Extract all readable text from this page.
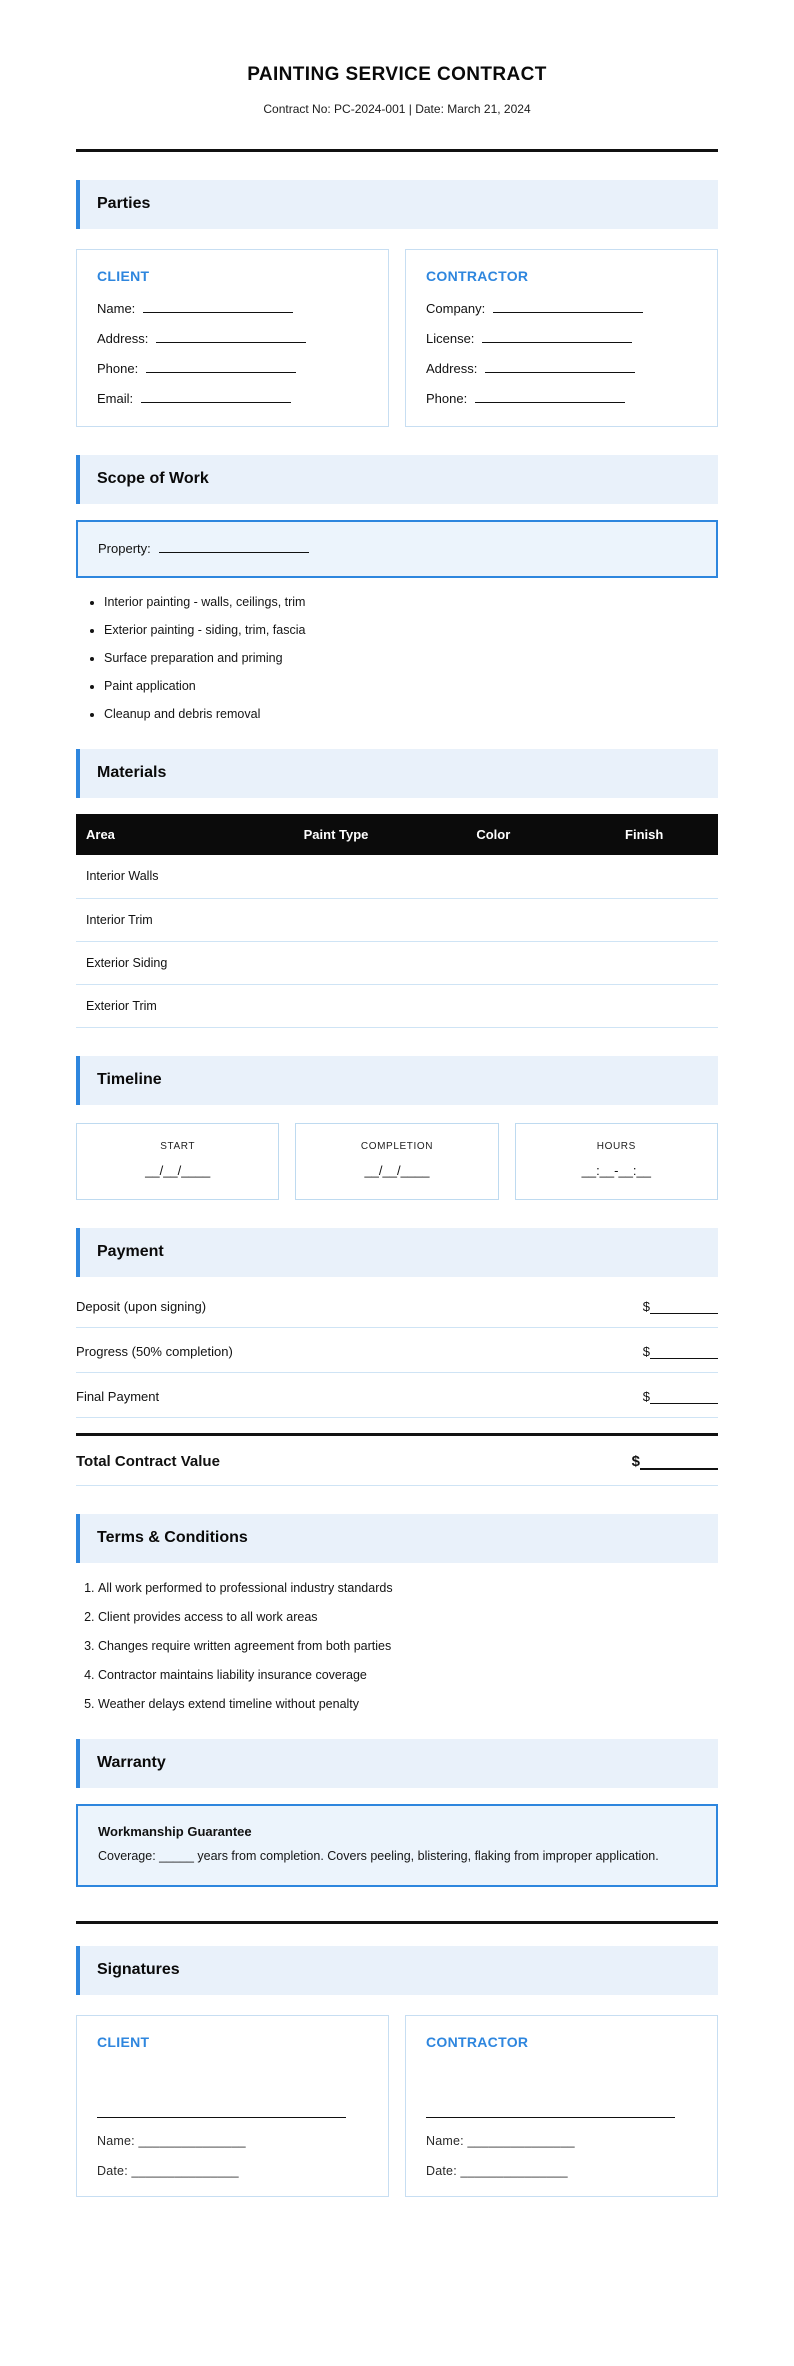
PAINTING SERVICE CONTRACT

Contract No: PC-2024-001 | Date: March 21, 2024

Parties
CLIENT
Name:
Address:
Phone:
Email:
CONTRACTOR
Company:
License:
Address:
Phone:
Scope of Work
Property:
• Interior painting - walls, ceilings, trim
• Exterior painting - siding, trim, fascia
• Surface preparation and priming
• Paint application
• Cleanup and debris removal
Materials
Area	Paint Type	Color	Finish
Interior Walls			
Interior Trim			
Exterior Siding			
Exterior Trim			
Timeline
START
__/__/____
COMPLETION
__/__/____
HOURS
__:__-__:__
Payment
Deposit (upon signing)	$
Progress (50% completion)	$
Final Payment	$
Total Contract Value	$
Terms & Conditions
1. All work performed to professional industry standards
2. Client provides access to all work areas
3. Changes require written agreement from both parties
4. Contractor maintains liability insurance coverage
5. Weather delays extend timeline without penalty
Warranty
Workmanship Guarantee
Coverage: _____ years from completion. Covers peeling, blistering, flaking from improper application.
Signatures
CLIENT
Name: _______________
Date: _______________
CONTRACTOR
Name: _______________
Date: _______________
